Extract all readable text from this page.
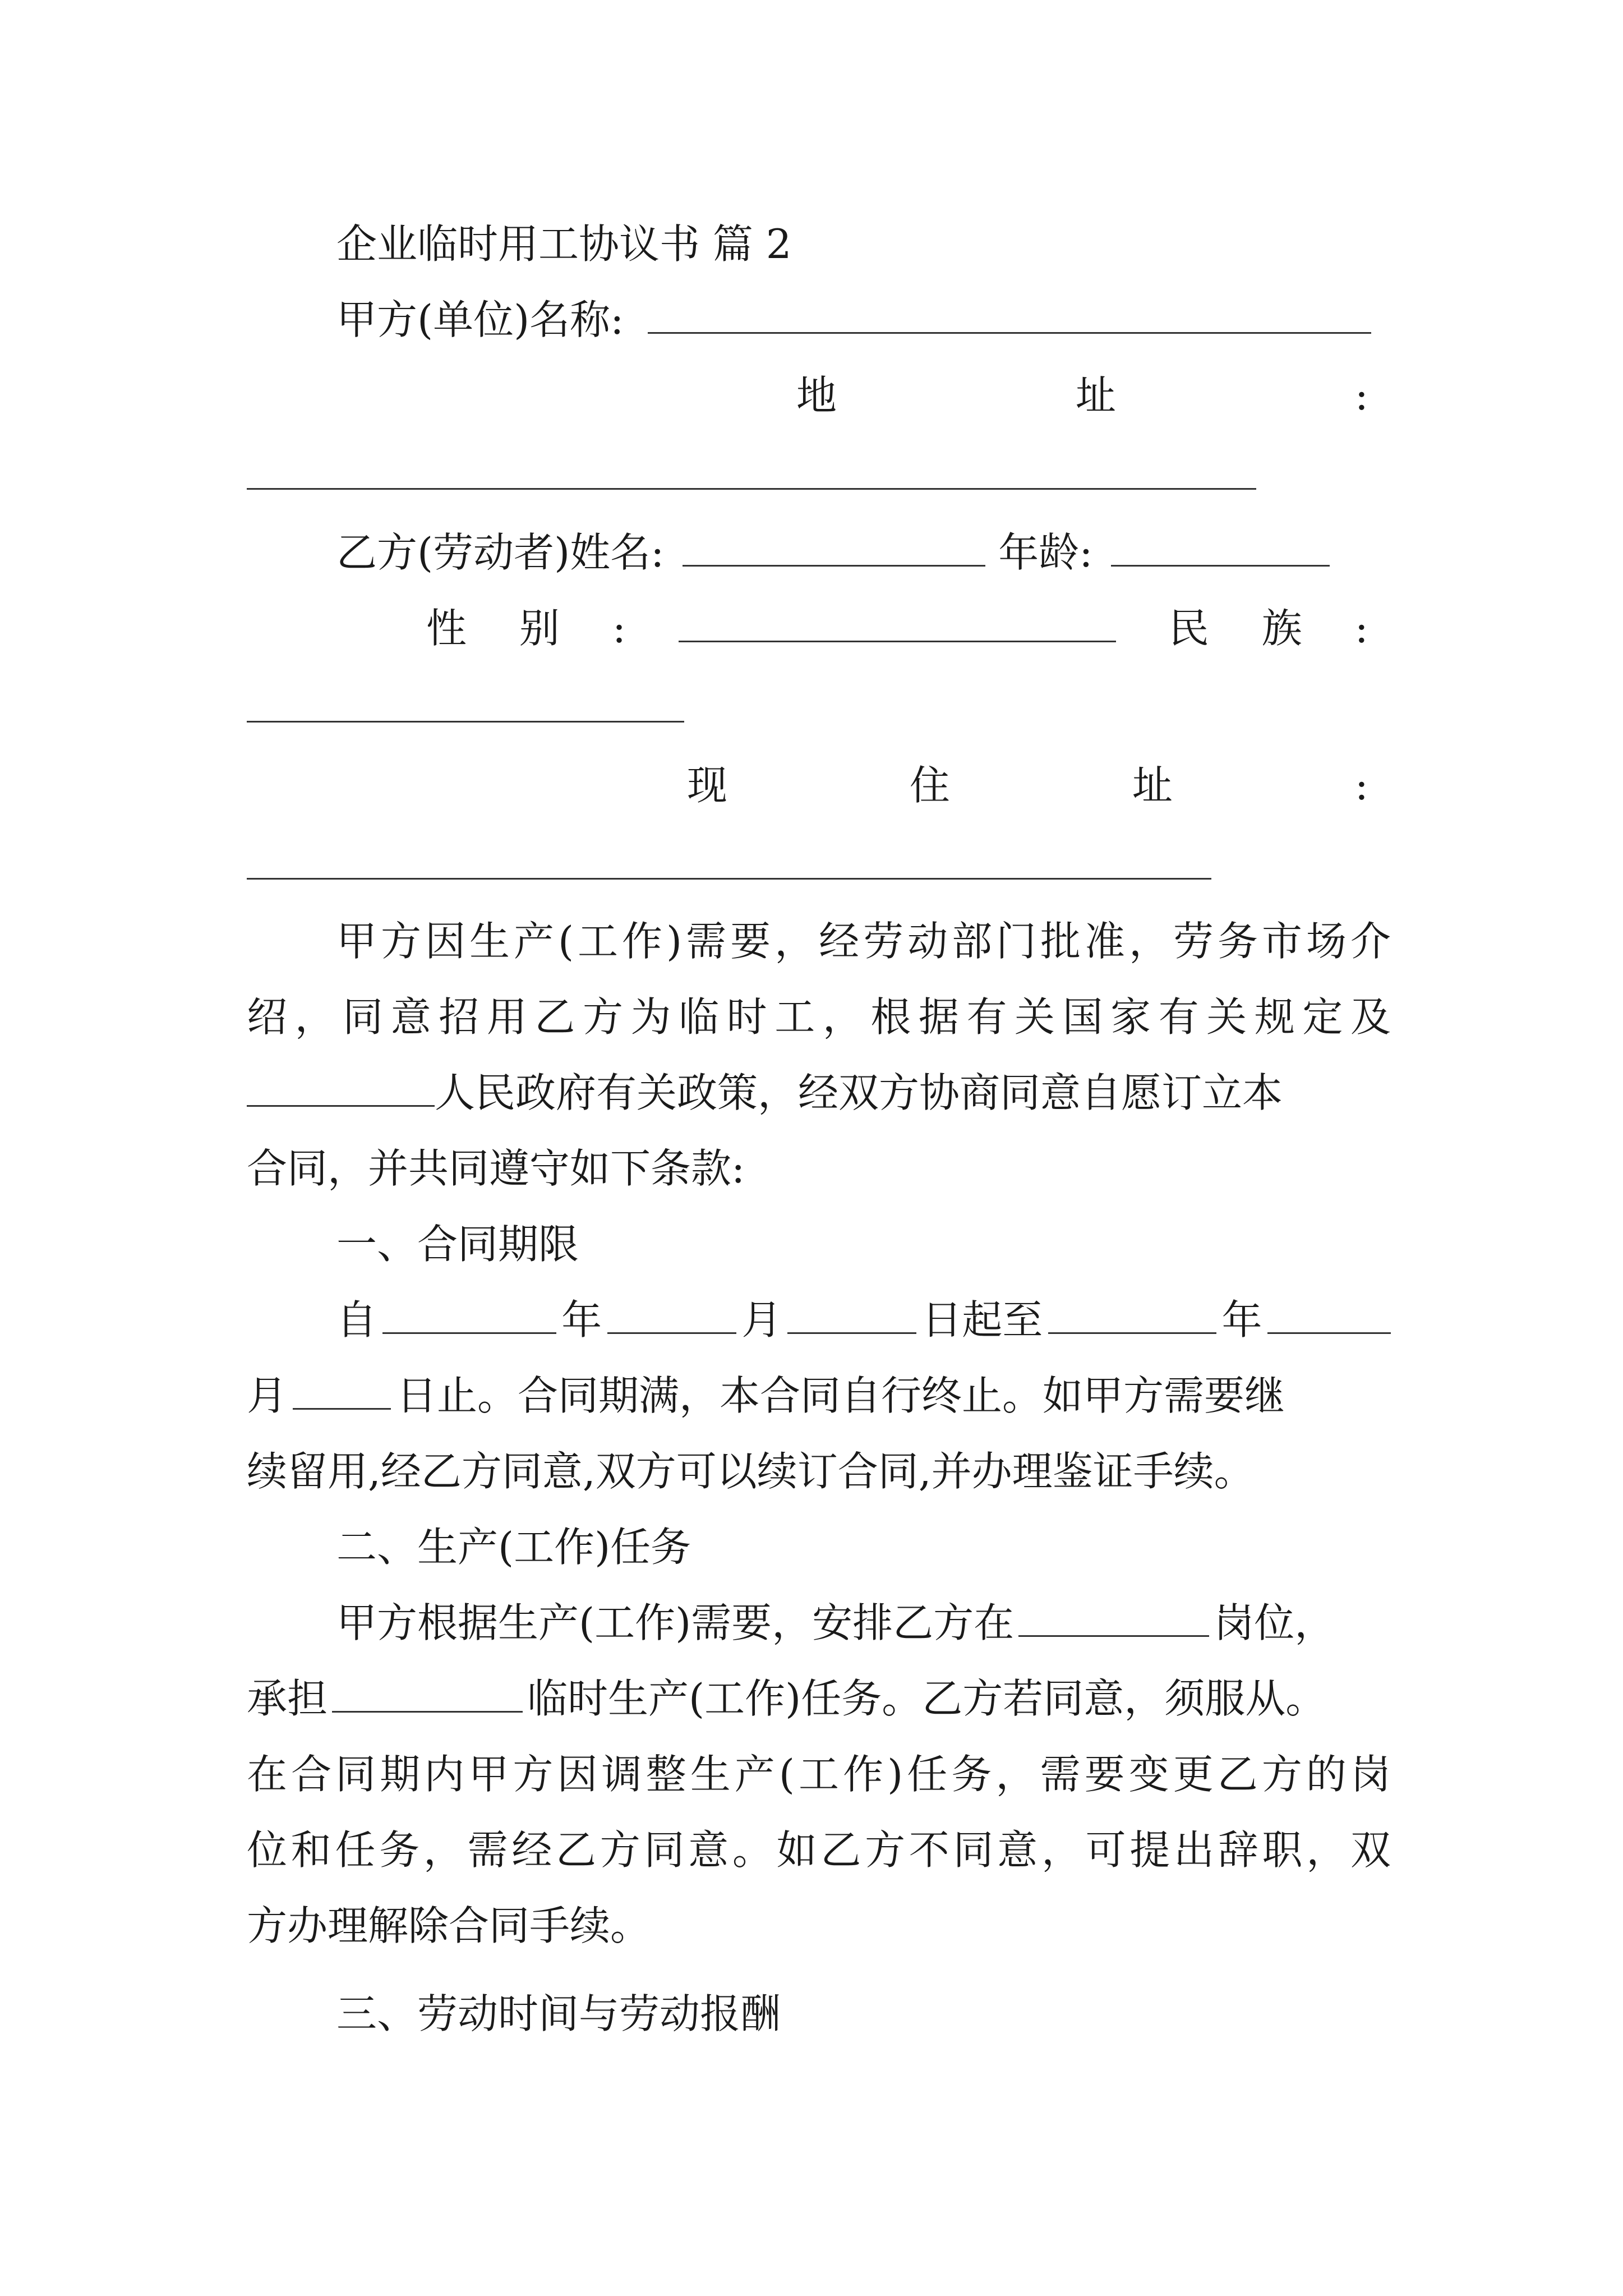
企业临时用工协议书 篇 2
甲方(单位)名称:
地	址	:
乙方(劳动者)姓名:	年龄:
性 别 :	民 族 :
现	住	址	:
甲方因生产(工作)需要，经劳动部门批准，劳务市场介
绍，同意招用乙方为临时工，根据有关国家有关规定及
人民政府有关政策，经双方协商同意自愿订立本
合同，并共同遵守如下条款:
一、合同期限
自	年	月	日起至	年
月	日止。合同期满，本合同自行终止。如甲方需要继
续留用,经乙方同意,双方可以续订合同,并办理鉴证手续。
二、生产(工作)任务
甲方根据生产(工作)需要，安排乙方在	岗位，
承担	临时生产(工作)任务。乙方若同意，须服从。
在合同期内甲方因调整生产(工作)任务，需要变更乙方的岗
位和任务，需经乙方同意。如乙方不同意，可提出辞职，双
方办理解除合同手续。
三、劳动时间与劳动报酬
